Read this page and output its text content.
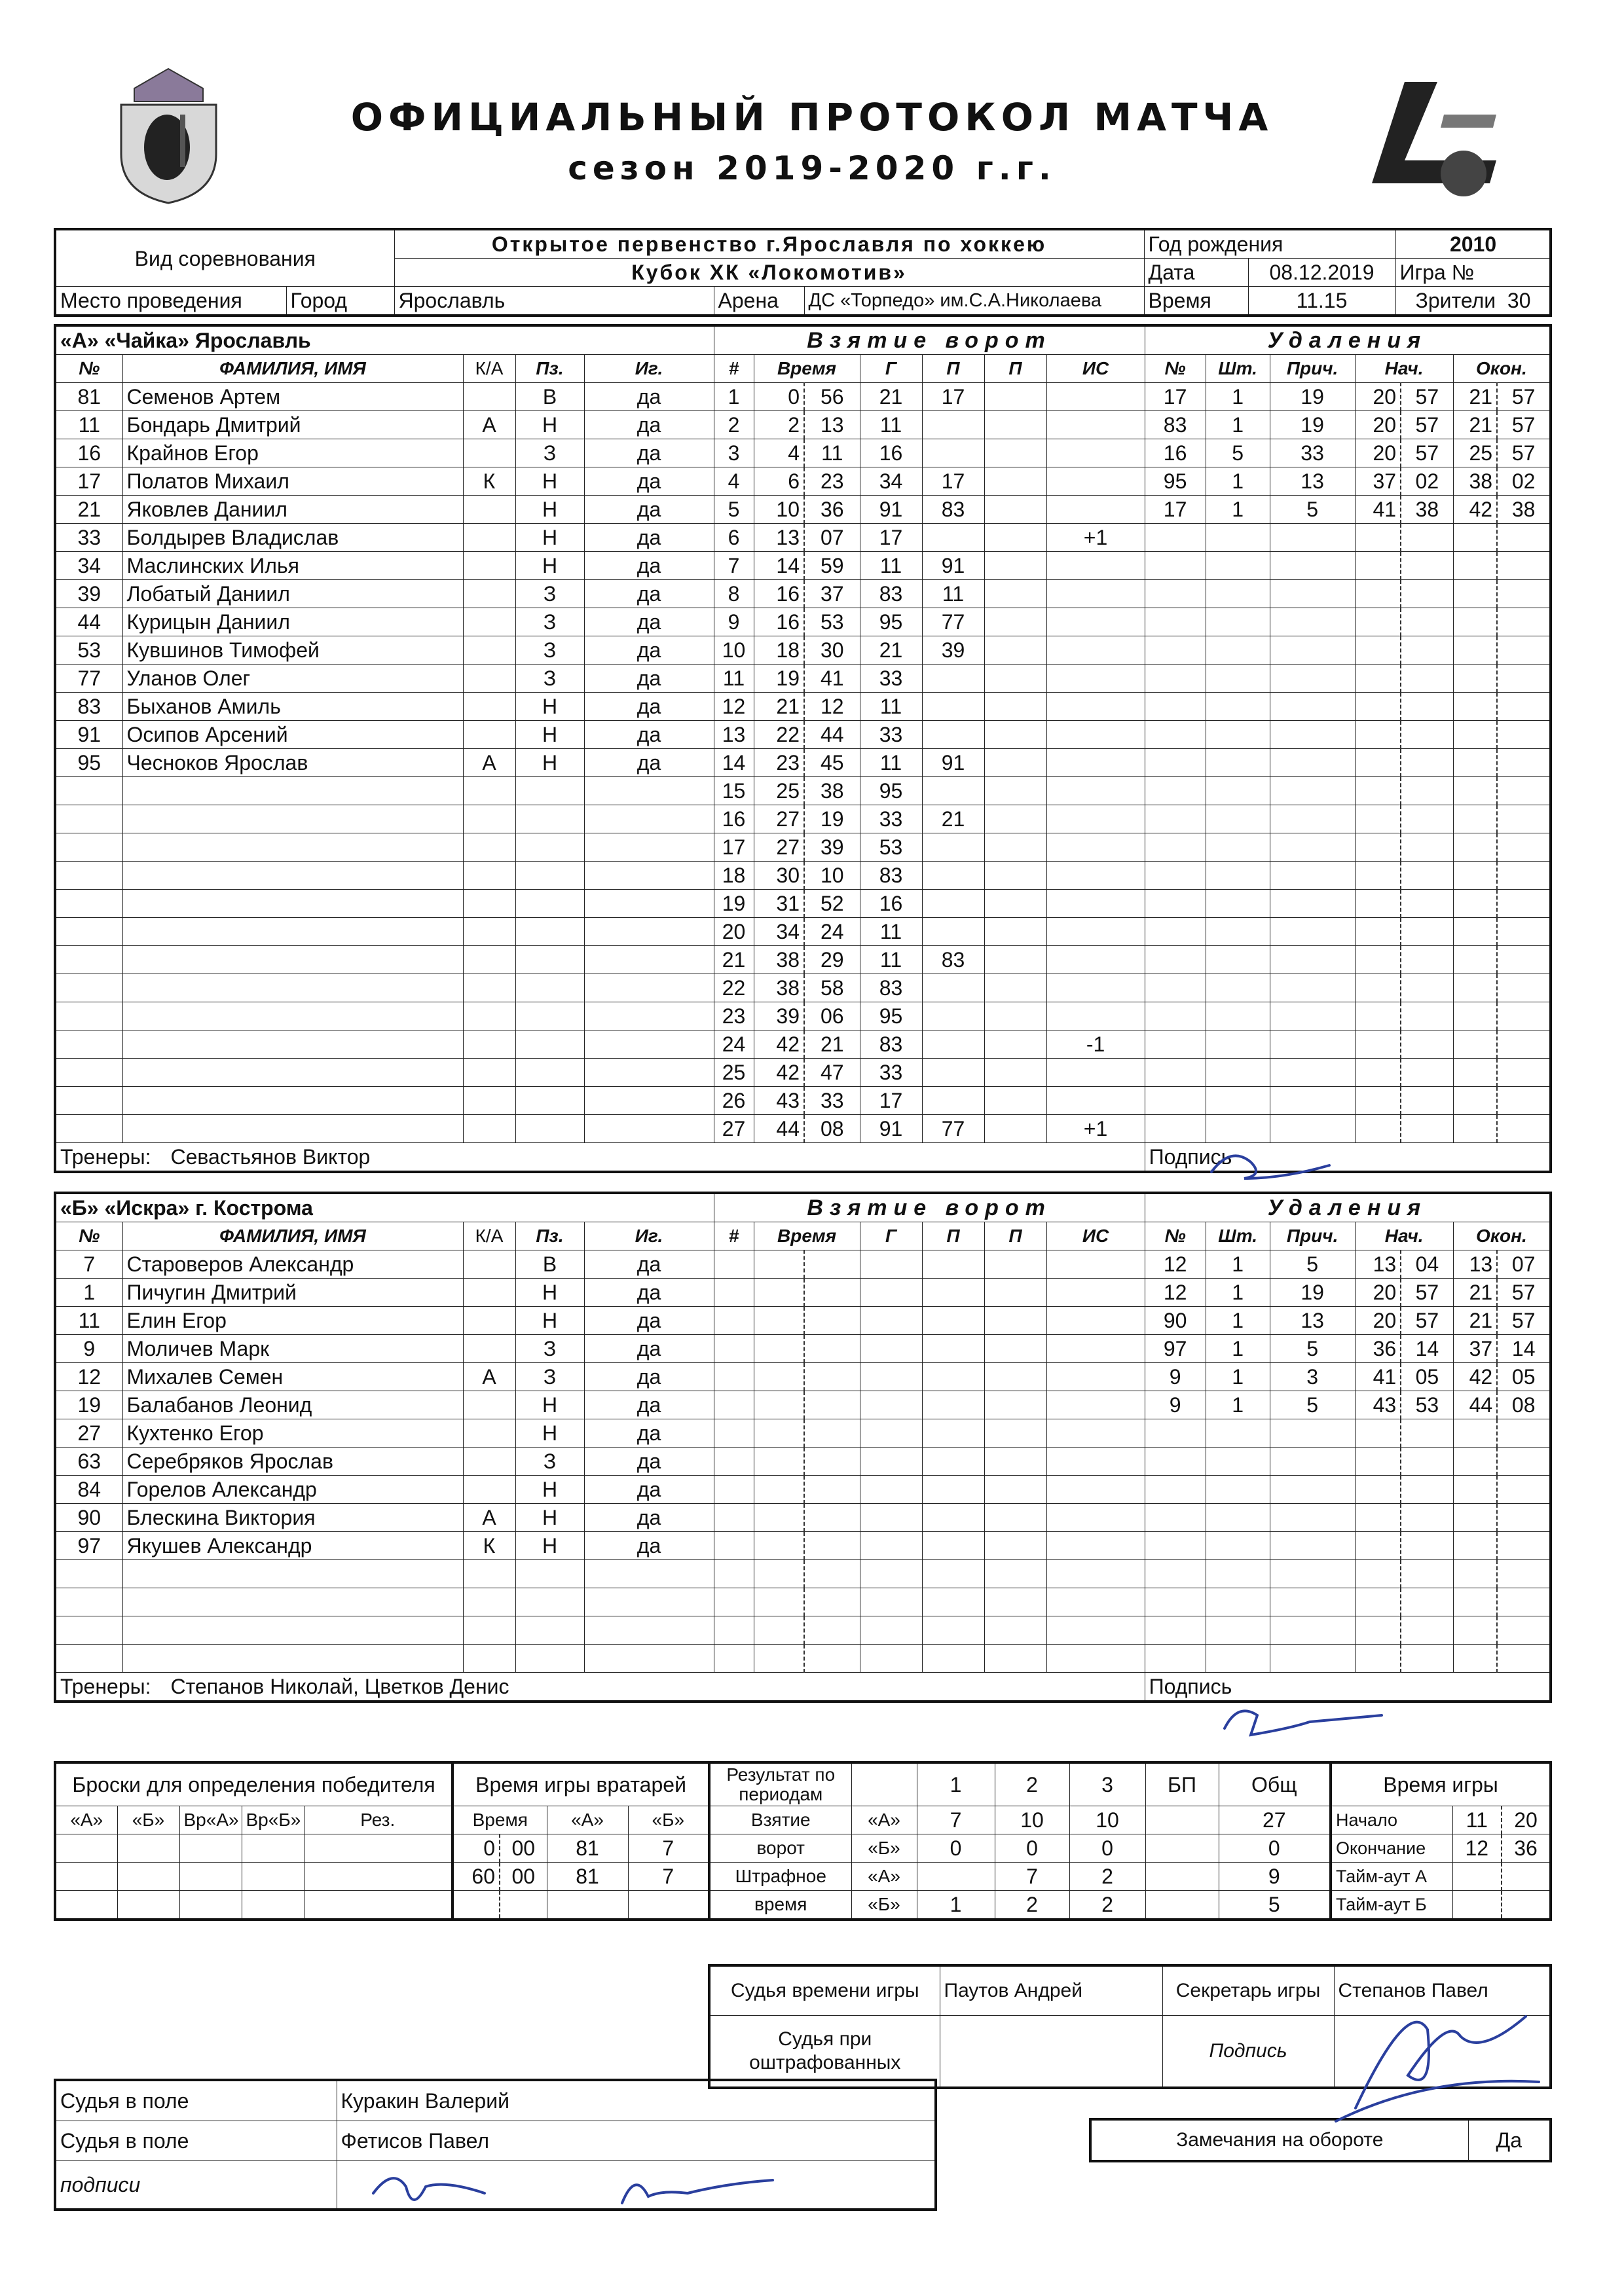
ОФИЦИАЛЬНЫЙ ПРОТОКОЛ МАТЧА
сезон 2019-2020 г.г.
Вид соревнования		Открытое первенство г.Ярославля по хоккею			Год рождения		2010	
		Кубок ХК «Локомотив»			Дата	08.12.2019	Игра №	
Место проведения	Город	Ярославль	Арена	ДС «Торпедо» им.С.А.Николаева	Время	11.15	Зрители 30	
«А» «Чайка» Ярославль					Взятие ворот							Удаления						
№	ФАМИЛИЯ, ИМЯ	К/А	Пз.	Иг.	#	Время		Г	П	П	ИС	№	Шт.	Прич.	Нач.		Окон.	
81	Семенов Артем		В	да	1	0	56	21	17			17	1	19	20	57	21	57
11	Бондарь Дмитрий	А	Н	да	2	2	13	11				83	1	19	20	57	21	57
16	Крайнов Егор		З	да	3	4	11	16				16	5	33	20	57	25	57
17	Полатов Михаил	К	Н	да	4	6	23	34	17			95	1	13	37	02	38	02
21	Яковлев Даниил		Н	да	5	10	36	91	83			17	1	5	41	38	42	38
33	Болдырев Владислав		Н	да	6	13	07	17			+1							
34	Маслинских Илья		Н	да	7	14	59	11	91									
39	Лобатый Даниил		З	да	8	16	37	83	11									
44	Курицын Даниил		З	да	9	16	53	95	77									
53	Кувшинов Тимофей		З	да	10	18	30	21	39									
77	Уланов Олег		З	да	11	19	41	33										
83	Быханов Амиль		Н	да	12	21	12	11										
91	Осипов Арсений		Н	да	13	22	44	33										
95	Чесноков Ярослав	А	Н	да	14	23	45	11	91									
					15	25	38	95										
					16	27	19	33	21									
					17	27	39	53										
					18	30	10	83										
					19	31	52	16										
					20	34	24	11										
					21	38	29	11	83									
					22	38	58	83										
					23	39	06	95										
					24	42	21	83			-1							
					25	42	47	33										
					26	43	33	17										
					27	44	08	91	77		+1							
Тренеры: Севастьянов Виктор												Подпись						
«Б» «Искра» г. Кострома					Взятие ворот							Удаления						
№	ФАМИЛИЯ, ИМЯ	К/А	Пз.	Иг.	#	Время		Г	П	П	ИС	№	Шт.	Прич.	Нач.		Окон.	
7	Староверов Александр		В	да								12	1	5	13	04	13	07
1	Пичугин Дмитрий		Н	да								12	1	19	20	57	21	57
11	Елин Егор		Н	да								90	1	13	20	57	21	57
9	Моличев Марк		З	да								97	1	5	36	14	37	14
12	Михалев Семен	А	З	да								9	1	3	41	05	42	05
19	Балабанов Леонид		Н	да								9	1	5	43	53	44	08
27	Кухтенко Егор		Н	да														
63	Серебряков Ярослав		З	да														
84	Горелов Александр		Н	да														
90	Блескина Виктория	А	Н	да														
97	Якушев Александр	К	Н	да														

Тренеры: Степанов Николай, Цветков Денис												Подпись						
Броски для определения победителя				
«А»	«Б»	Вр«А»	Вр«Б»	Рез.

Время игры вратарей			
Время		«А»	«Б»
0	00	81	7
60	00	81	7

Результат по периодам		1	2	3	БП	Общ
Взятие	«А»	7	10	10		27
ворот	«Б»	0	0	0		0
Штрафное	«А»		7	2		9
время	«Б»	1	2	2		5
Время игры		
Начало	11	20
Окончание	12	36
Тайм-аут А		
Тайм-аут Б		
Судья времени игры	Паутов Андрей	Секретарь игры	Степанов Павел
Судья при оштрафованных		Подпись	
Судья в поле	Куракин Валерий
Судья в поле	Фетисов Павел
подписи	
Замечания на обороте	Да
